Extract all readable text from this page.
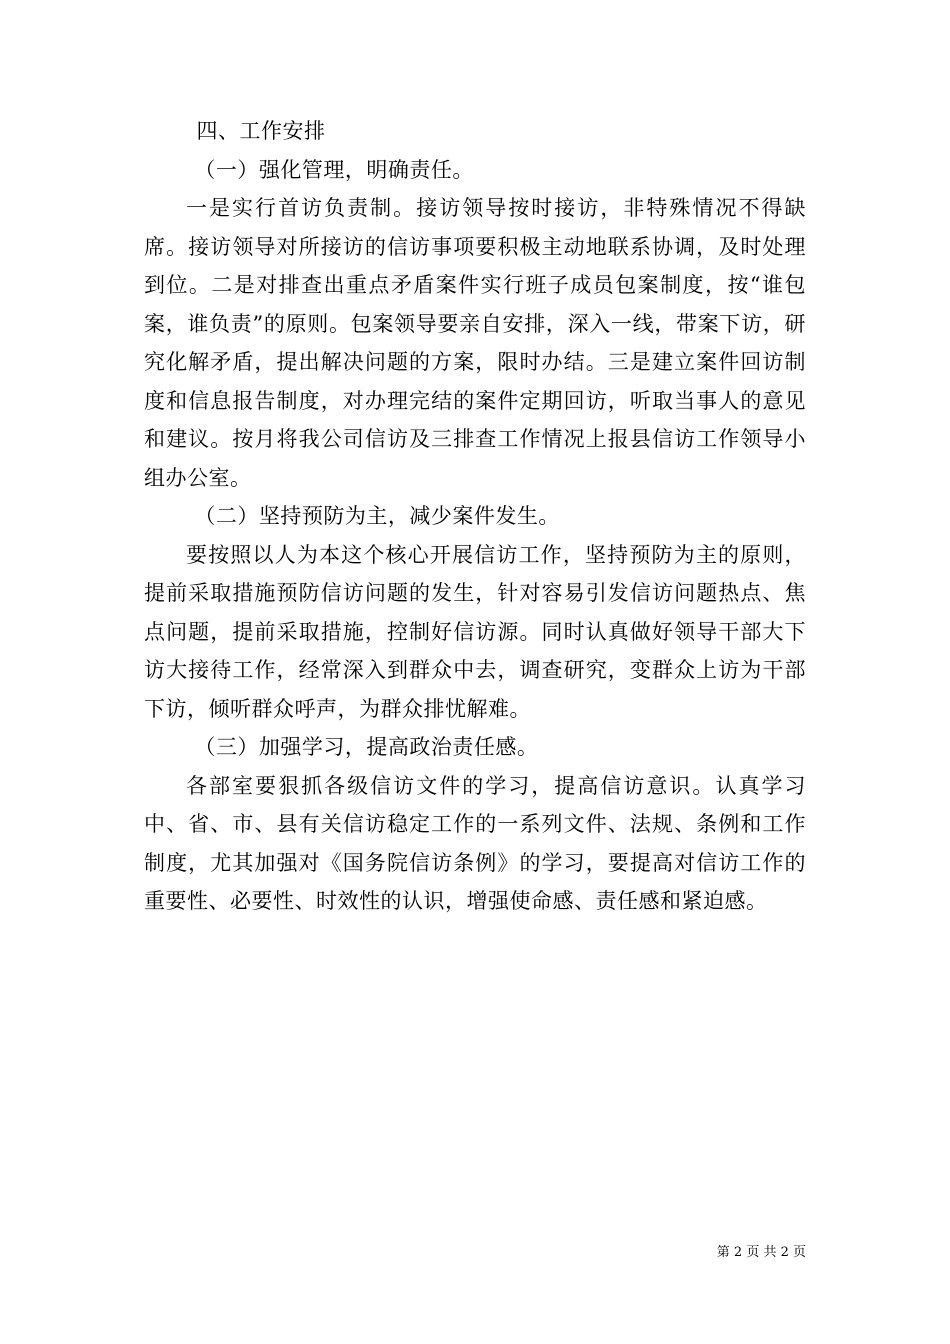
四、工作安排

（一）强化管理，明确责任。

一是实行首访负责制。接访领导按时接访，非特殊情况不得缺席。接访领导对所接访的信访事项要积极主动地联系协调，及时处理到位。二是对排查出重点矛盾案件实行班子成员包案制度，按“谁包案，谁负责”的原则。包案领导要亲自安排，深入一线，带案下访，研究化解矛盾，提出解决问题的方案，限时办结。三是建立案件回访制度和信息报告制度，对办理完结的案件定期回访，听取当事人的意见和建议。按月将我公司信访及三排查工作情况上报县信访工作领导小组办公室。

（二）坚持预防为主，减少案件发生。

要按照以人为本这个核心开展信访工作，坚持预防为主的原则，提前采取措施预防信访问题的发生，针对容易引发信访问题热点、焦点问题，提前采取措施，控制好信访源。同时认真做好领导干部大下访大接待工作，经常深入到群众中去，调查研究，变群众上访为干部下访，倾听群众呼声，为群众排忧解难。

（三）加强学习，提高政治责任感。

各部室要狠抓各级信访文件的学习，提高信访意识。认真学习中、省、市、县有关信访稳定工作的一系列文件、法规、条例和工作制度，尤其加强对《国务院信访条例》的学习，要提高对信访工作的重要性、必要性、时效性的认识，增强使命感、责任感和紧迫感。

第 2 页 共 2 页
